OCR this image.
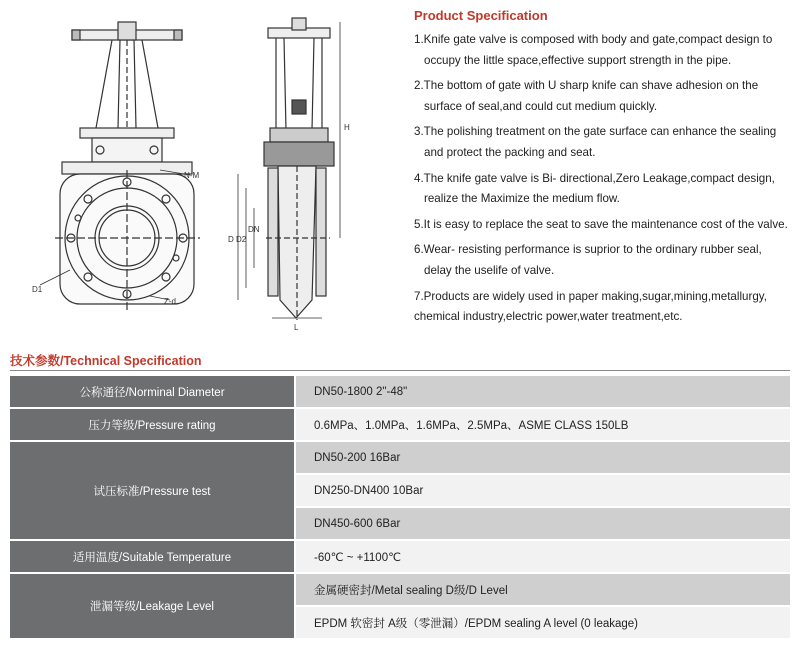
N-M
D1
Z-d
H
D D2
DN
L
Product Specification
1.Knife gate valve is composed with body and gate,compact design to
occupy the little space,effective support strength in the pipe.
2.The bottom of gate with U sharp knife can shave adhesion on the
surface of seal,and could cut medium quickly.
3.The polishing treatment on the gate surface can enhance the sealing
and protect the packing and seat.
4.The knife gate valve is Bi- directional,Zero Leakage,compact design,
realize the Maximize the medium flow.
5.It is easy to replace the seat to save the maintenance cost of the valve.
6.Wear- resisting performance is suprior to the ordinary rubber seal,
delay the uselife of valve.
7.Products are widely used in paper making,sugar,mining,metallurgy,
chemical industry,electric power,water treatment,etc.
技术参数/Technical Specification
公称通径/Norminal Diameter	DN50-1800 2"-48"
压力等级/Pressure rating	0.6MPa、1.0MPa、1.6MPa、2.5MPa、ASME CLASS 150LB
试压标准/Pressure test	DN50-200 16Bar
	DN250-DN400 10Bar
	DN450-600 6Bar
适用温度/Suitable Temperature	-60℃ ~ +1100℃
泄漏等级/Leakage Level	金属硬密封/Metal sealing D级/D Level
	EPDM 软密封 A级（零泄漏）/EPDM sealing A level (0 leakage)
